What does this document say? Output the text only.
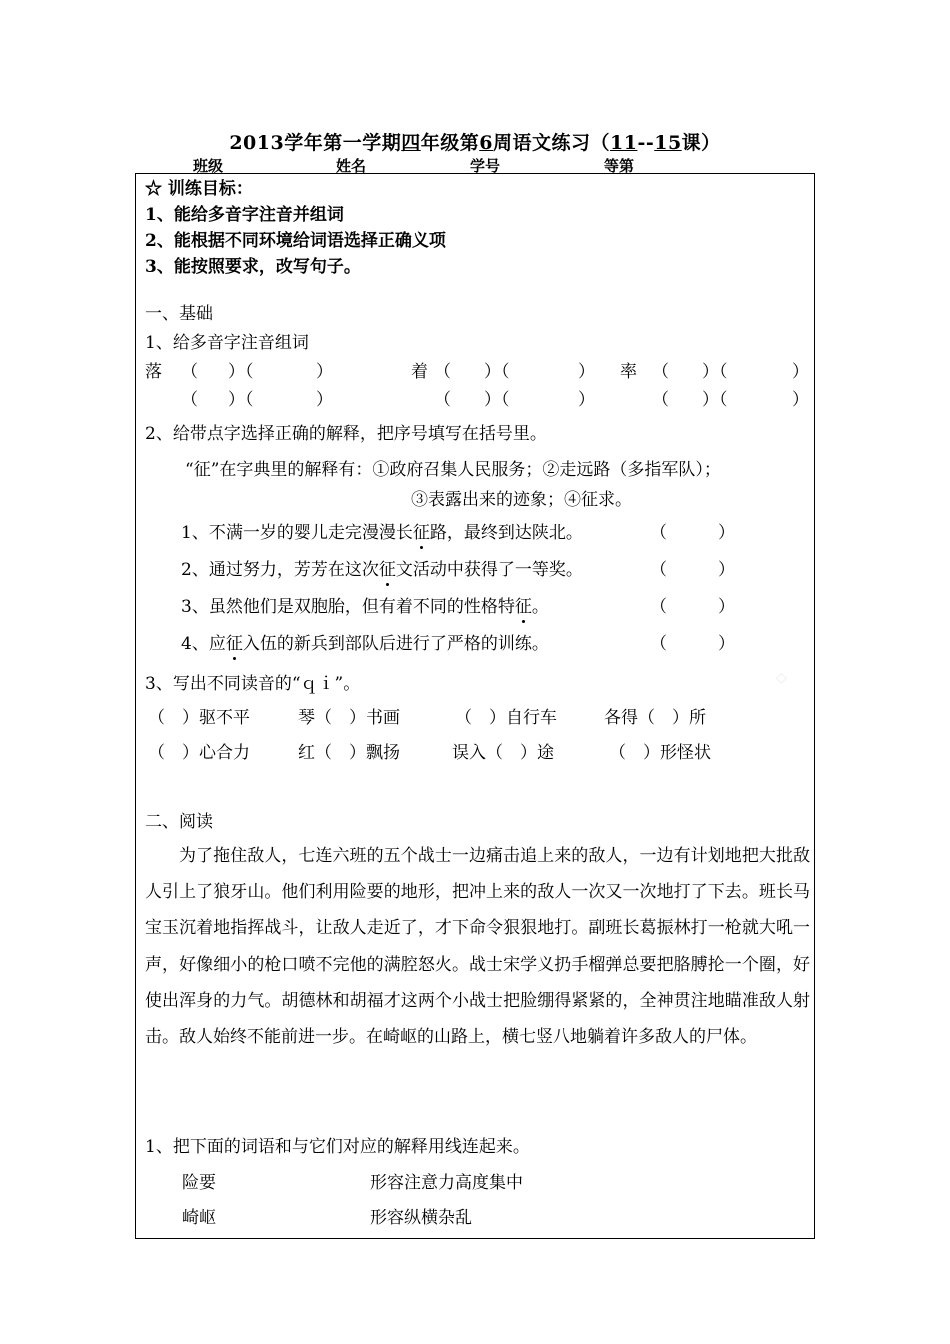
2013学年第一学期四年级第6周语文练习（11--15课）
班级	姓名	学号	等第
☆ 训练目标：
1、能给多音字注音并组词
2、能根据不同环境给词语选择正确义项
3、能按照要求，改写句子。
一、基础
1、给多音字注音组词
落 （ ）（	）	着 （ ）（	） 率 （ ）（	）
（ ）（	）	（ ）（	）	（ ）（	）
2、给带点字选择正确的解释，把序号填写在括号里。
“征”在字典里的解释有：①政府召集人民服务；②走远路（多指军队）；
③表露出来的迹象；④征求。
1、不满一岁的婴儿走完漫漫长征路，最终到达陕北。	（　　　）
2、通过努力，芳芳在这次征文活动中获得了一等奖。	（　　　）
3、虽然他们是双胞胎，但有着不同的性格特征。	（　　　）
4、应征入伍的新兵到部队后进行了严格的训练。	（　　　）
3、写出不同读音的“ｑｉ”。	◇
（　）驱不平	琴（　）书画	（　）自行车	各得（　）所
（　）心合力	红（　）飘扬	误入（　）途	（　）形怪状
二、阅读
为了拖住敌人，七连六班的五个战士一边痛击追上来的敌人，一边有计划地把大批敌人引上了狼牙山。他们利用险要的地形，把冲上来的敌人一次又一次地打了下去。班长马宝玉沉着地指挥战斗，让敌人走近了，才下命令狠狠地打。副班长葛振林打一枪就大吼一声，好像细小的枪口喷不完他的满腔怒火。战士宋学义扔手榴弹总要把胳膊抡一个圈，好使出浑身的力气。胡德林和胡福才这两个小战士把脸绷得紧紧的，全神贯注地瞄准敌人射击。敌人始终不能前进一步。在崎岖的山路上，横七竖八地躺着许多敌人的尸体。
1、把下面的词语和与它们对应的解释用线连起来。
险要	形容注意力高度集中
崎岖	形容纵横杂乱
